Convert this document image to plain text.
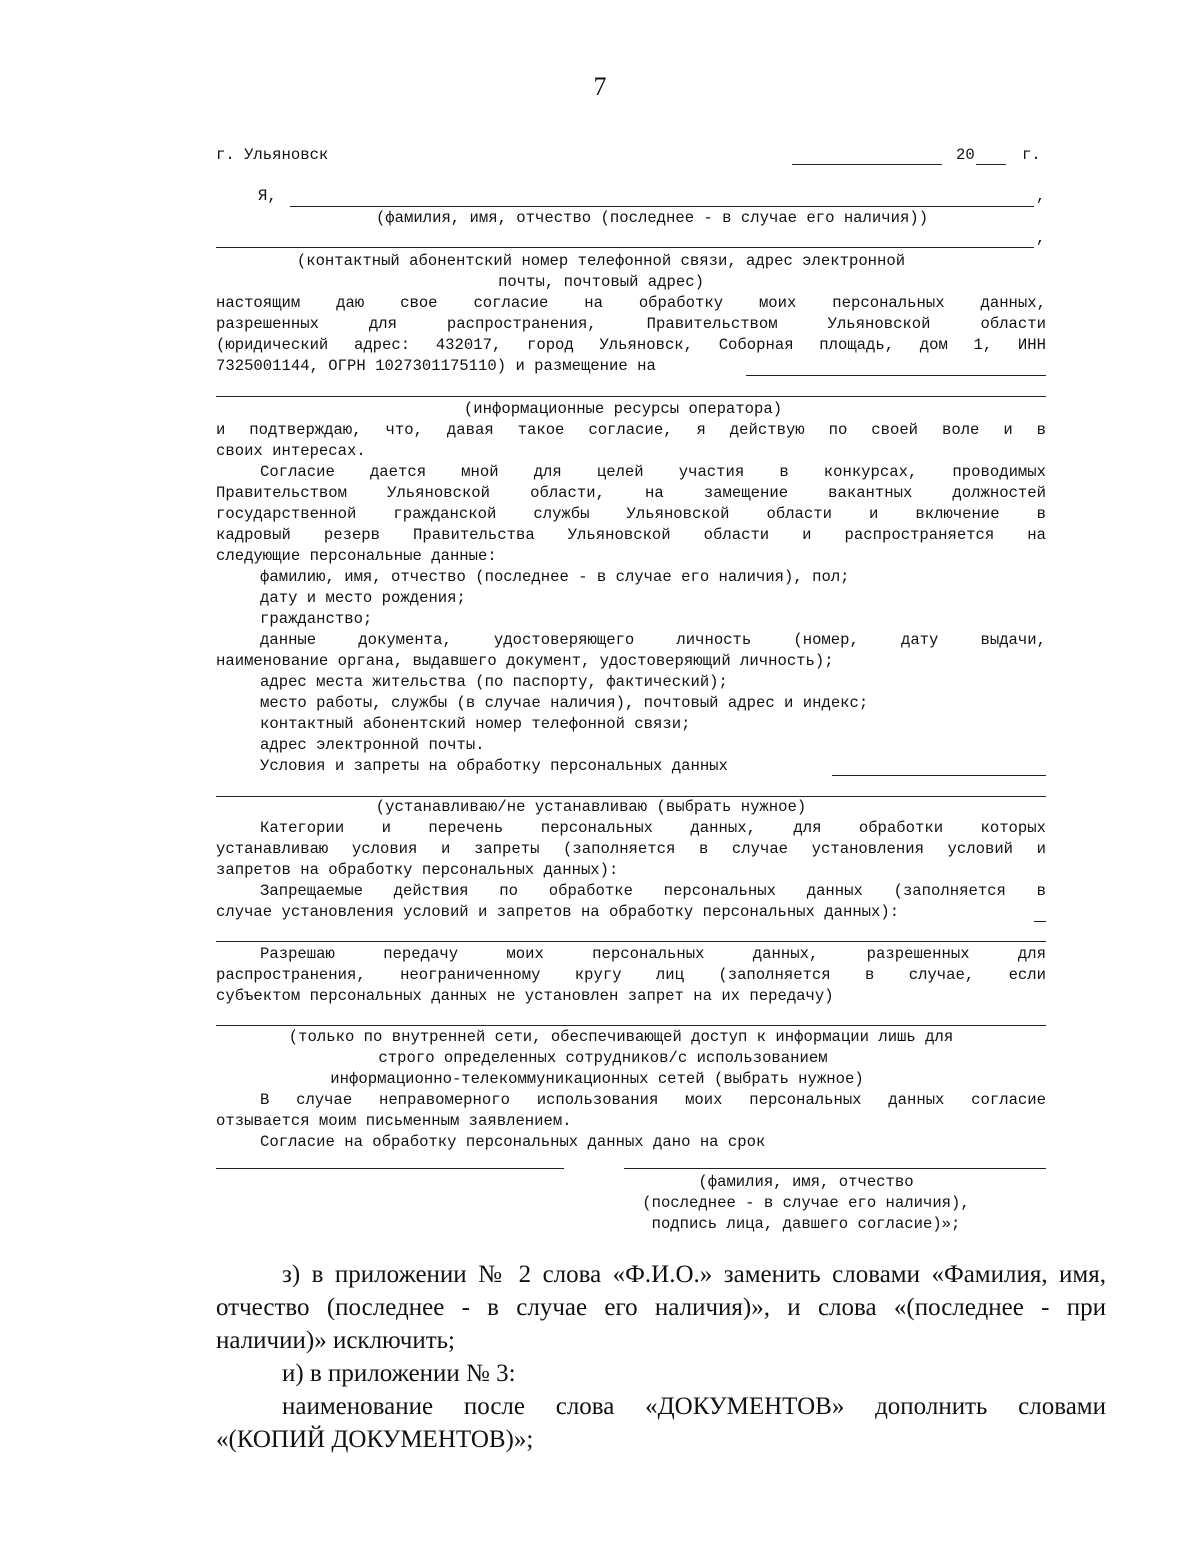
7
г. Ульяновск	20	г.
Я,	,
(фамилия, имя, отчество (последнее - в случае его наличия))
,
(контактный абонентский номер телефонной связи, адрес электронной
почты, почтовый адрес)
настоящим даю свое согласие на обработку моих персональных данных,
разрешенных для распространения, Правительством Ульяновской области
(юридический адрес: 432017, город Ульяновск, Соборная площадь, дом 1, ИНН
7325001144, ОГРН 1027301175110) и размещение на
(информационные ресурсы оператора)
и подтверждаю, что, давая такое согласие, я действую по своей воле и в
своих интересах.
Согласие дается мной для целей участия в конкурсах, проводимых
Правительством Ульяновской области, на замещение вакантных должностей
государственной гражданской службы Ульяновской области и включение в
кадровый резерв Правительства Ульяновской области и распространяется на
следующие персональные данные:
фамилию, имя, отчество (последнее - в случае его наличия), пол;
дату и место рождения;
гражданство;
данные документа, удостоверяющего личность (номер, дату выдачи,
наименование органа, выдавшего документ, удостоверяющий личность);
адрес места жительства (по паспорту, фактический);
место работы, службы (в случае наличия), почтовый адрес и индекс;
контактный абонентский номер телефонной связи;
адрес электронной почты.
Условия и запреты на обработку персональных данных
(устанавливаю/не устанавливаю (выбрать нужное)
Категории и перечень персональных данных, для обработки которых
устанавливаю условия и запреты (заполняется в случае установления условий и
запретов на обработку персональных данных):
Запрещаемые действия по обработке персональных данных (заполняется в
случае установления условий и запретов на обработку персональных данных):
Разрешаю передачу моих персональных данных, разрешенных для
распространения, неограниченному кругу лиц (заполняется в случае, если
субъектом персональных данных не установлен запрет на их передачу)
(только по внутренней сети, обеспечивающей доступ к информации лишь для
строго определенных сотрудников/с использованием
информационно-телекоммуникационных сетей (выбрать нужное)
В случае неправомерного использования моих персональных данных согласие
отзывается моим письменным заявлением.
Согласие на обработку персональных данных дано на срок
(фамилия, имя, отчество
(последнее - в случае его наличия),
подпись лица, давшего согласие)»;
з) в приложении № 2 слова «Ф.И.О.» заменить словами «Фамилия, имя,
отчество (последнее - в случае его наличия)», и слова «(последнее - при
наличии)» исключить;
и) в приложении № 3:
наименование после слова «ДОКУМЕНТОВ» дополнить словами
«(КОПИЙ ДОКУМЕНТОВ)»;
